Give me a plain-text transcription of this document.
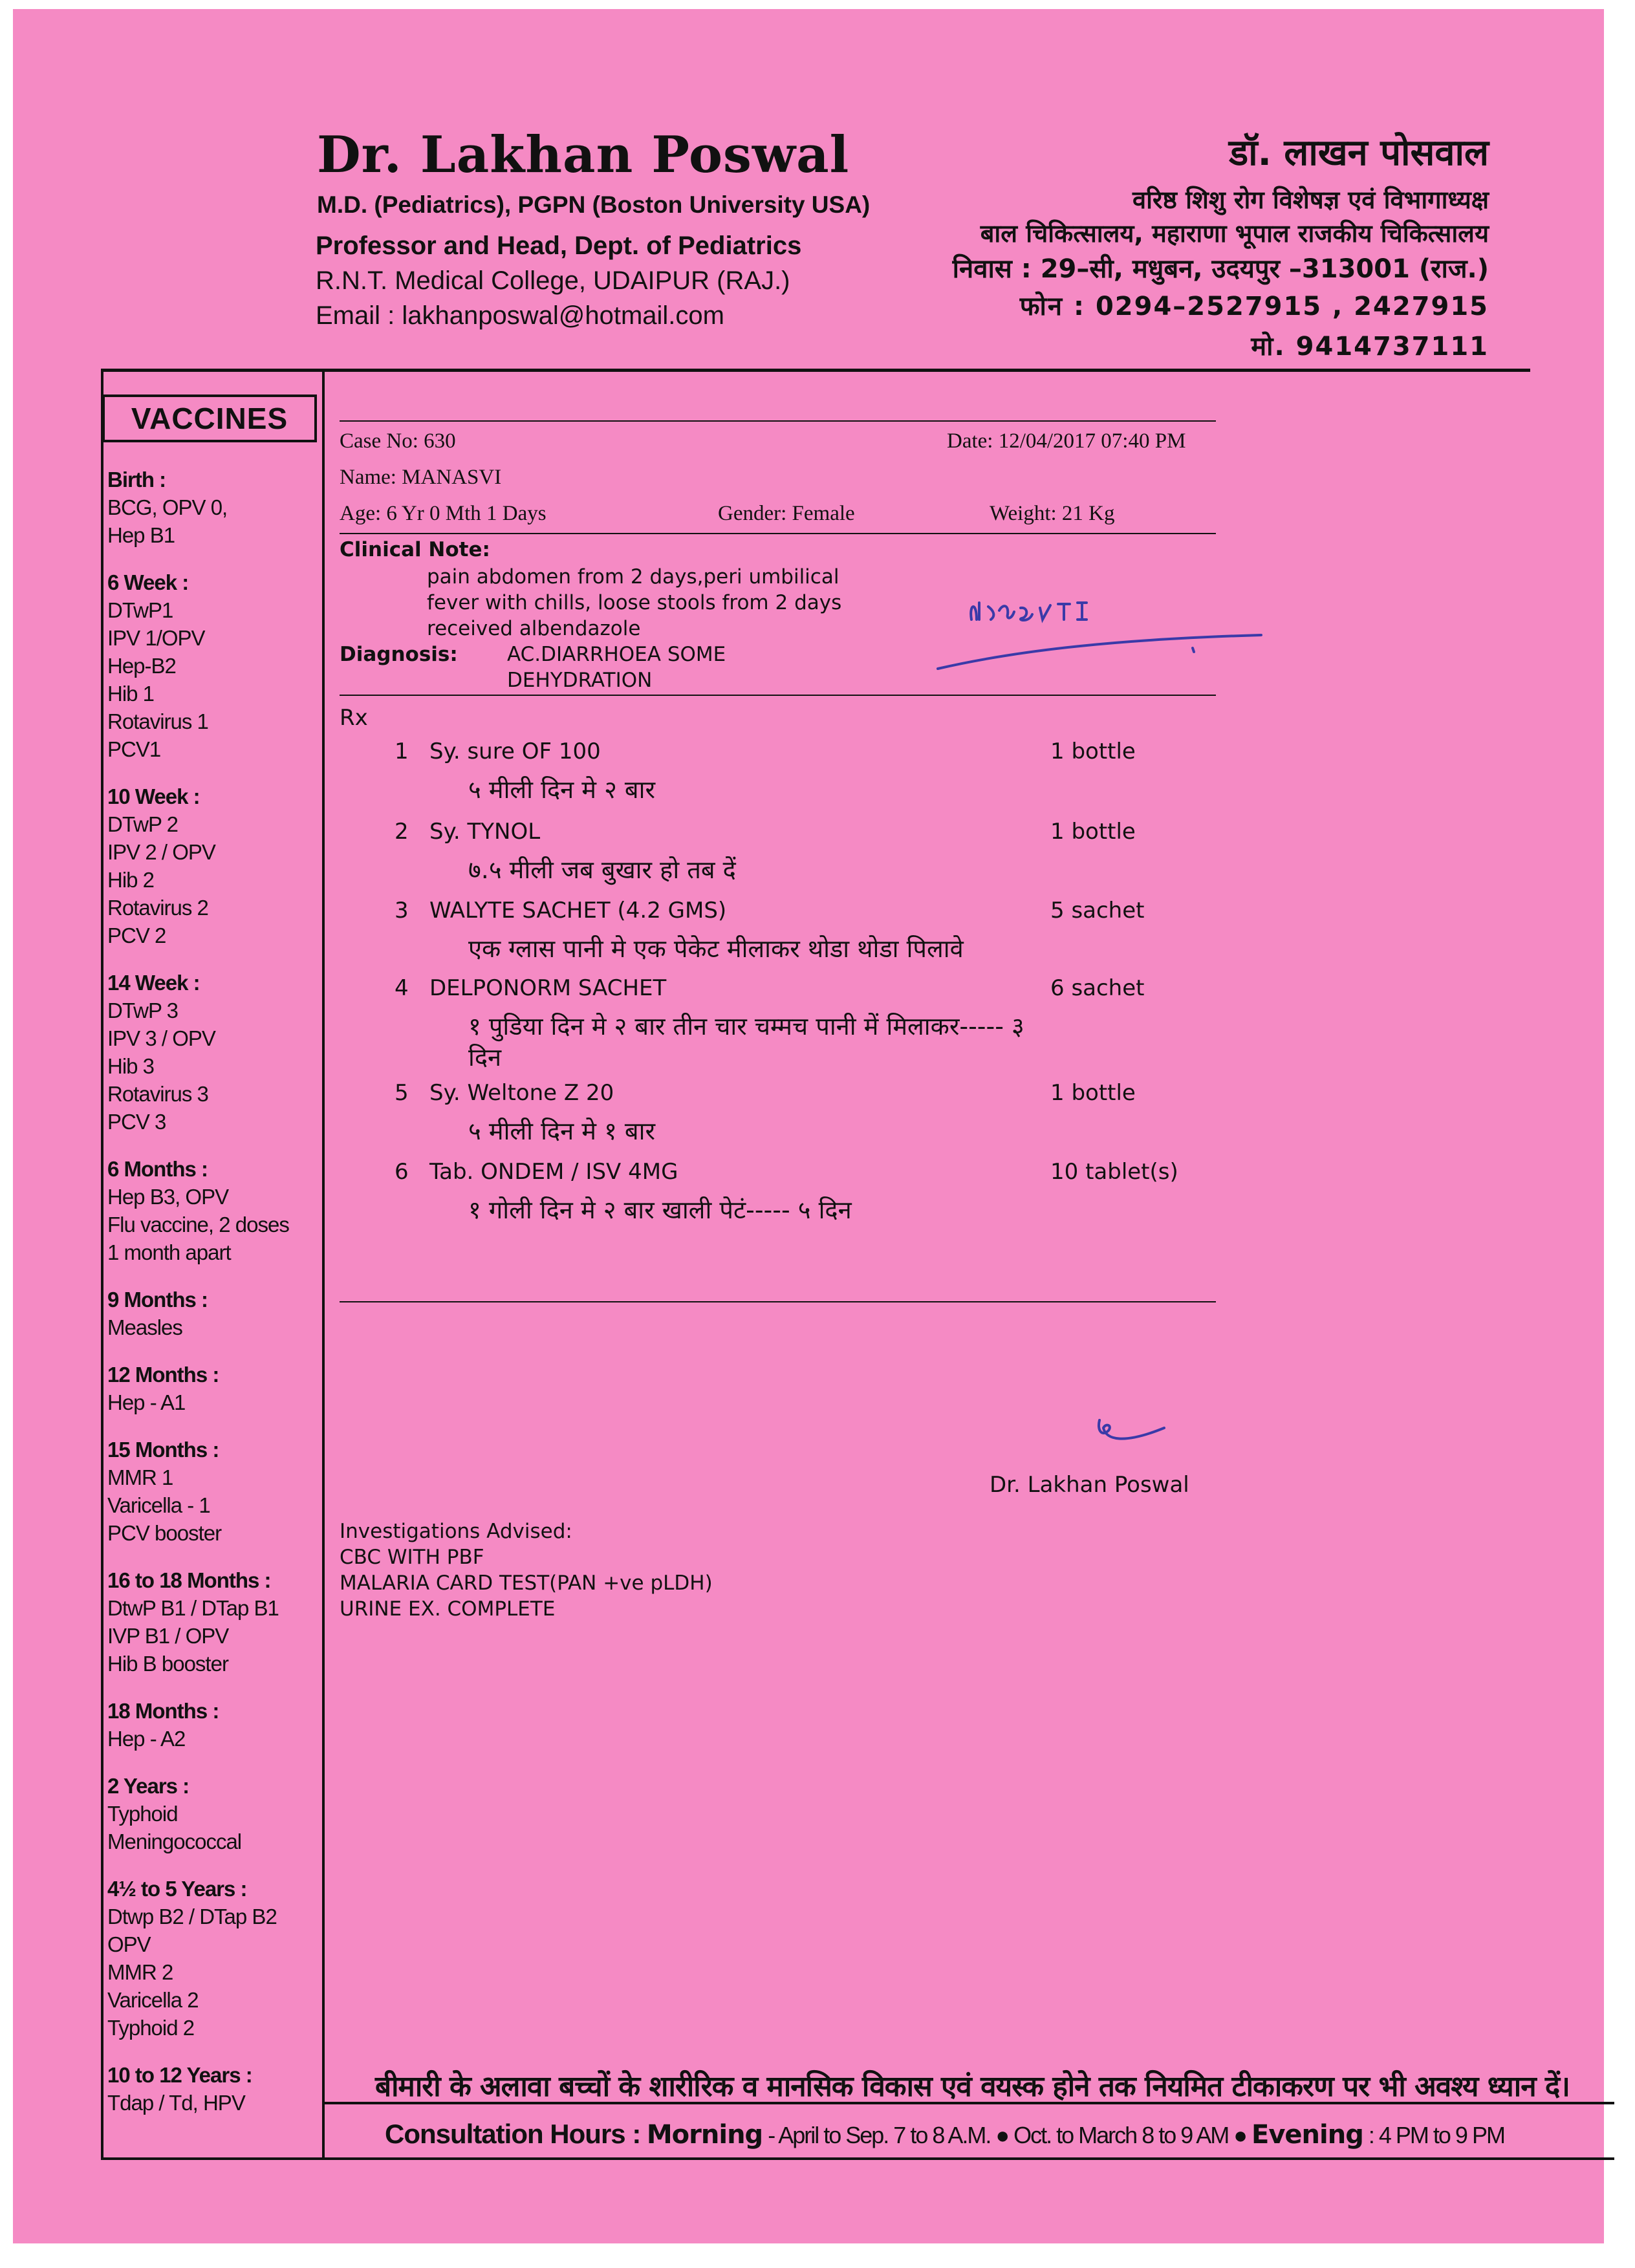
Dr. Lakhan Poswal
M.D. (Pediatrics), PGPN (Boston University USA)
Professor and Head, Dept. of Pediatrics
R.N.T. Medical College, UDAIPUR (RAJ.)
Email : lakhanposwal@hotmail.com
डॉ. लाखन पोसवाल
वरिष्ठ शिशु रोग विशेषज्ञ एवं विभागाध्यक्ष
बाल चिकित्सालय, महाराणा भूपाल राजकीय चिकित्सालय
निवास : 29–सी, मधुबन, उदयपुर –313001 (राज.)
फोन : 0294–2527915 , 2427915
मो. 9414737111
VACCINES
Birth :
BCG, OPV 0,
Hep B1
6 Week :
DTwP1
IPV 1/OPV
Hep-B2
Hib 1
Rotavirus 1
PCV1
10 Week :
DTwP 2
IPV 2 / OPV
Hib 2
Rotavirus 2
PCV 2
14 Week :
DTwP 3
IPV 3 / OPV
Hib 3
Rotavirus 3
PCV 3
6 Months :
Hep B3, OPV
Flu vaccine, 2 doses
1 month apart
9 Months :
Measles
12 Months :
Hep - A1
15 Months :
MMR 1
Varicella - 1
PCV booster
16 to 18 Months :
DtwP B1 / DTap B1
IVP B1 / OPV
Hib B booster
18 Months :
Hep - A2
2 Years :
Typhoid
Meningococcal
4½ to 5 Years :
Dtwp B2 / DTap B2
OPV
MMR 2
Varicella 2
Typhoid 2
10 to 12 Years :
Tdap / Td, HPV
Case No: 630	Date: 12/04/2017 07:40 PM
Name: MANASVI
Age: 6 Yr 0 Mth 1 Days	Gender: Female	Weight: 21 Kg
Clinical Note:
pain abdomen from 2 days,peri umbilical
fever with chills, loose stools from 2 days
received albendazole
Diagnosis: AC.DIARRHOEA SOME
DEHYDRATION
Rx
Dr. Lakhan Poswal
Investigations Advised:
CBC WITH PBF
MALARIA CARD TEST(PAN +ve pLDH)
URINE EX. COMPLETE
बीमारी के अलावा बच्चों के शारीरिक व मानसिक विकास एवं वयस्क होने तक नियमित टीकाकरण पर भी अवश्य ध्यान दें।
Consultation Hours : Morning - April to Sep. 7 to 8 A.M. ● Oct. to March 8 to 9 AM ● Evening : 4 PM to 9 PM
1 Sy. sure OF 100	1 bottle
५ मीली दिन मे २ बार
2 Sy. TYNOL	1 bottle
७.५ मीली जब बुखार हो तब दें
3 WALYTE SACHET (4.2 GMS)	5 sachet
एक ग्लास पानी मे एक पेकेट मीलाकर थोडा थोडा पिलावे
4 DELPONORM SACHET	6 sachet
१ पुडिया दिन मे २ बार तीन चार चम्मच पानी में मिलाकर----- ३
दिन
5 Sy. Weltone Z 20	1 bottle
५ मीली दिन मे १ बार
6 Tab. ONDEM / ISV 4MG	10 tablet(s)
१ गोली दिन मे २ बार खाली पेटं----- ५ दिन
